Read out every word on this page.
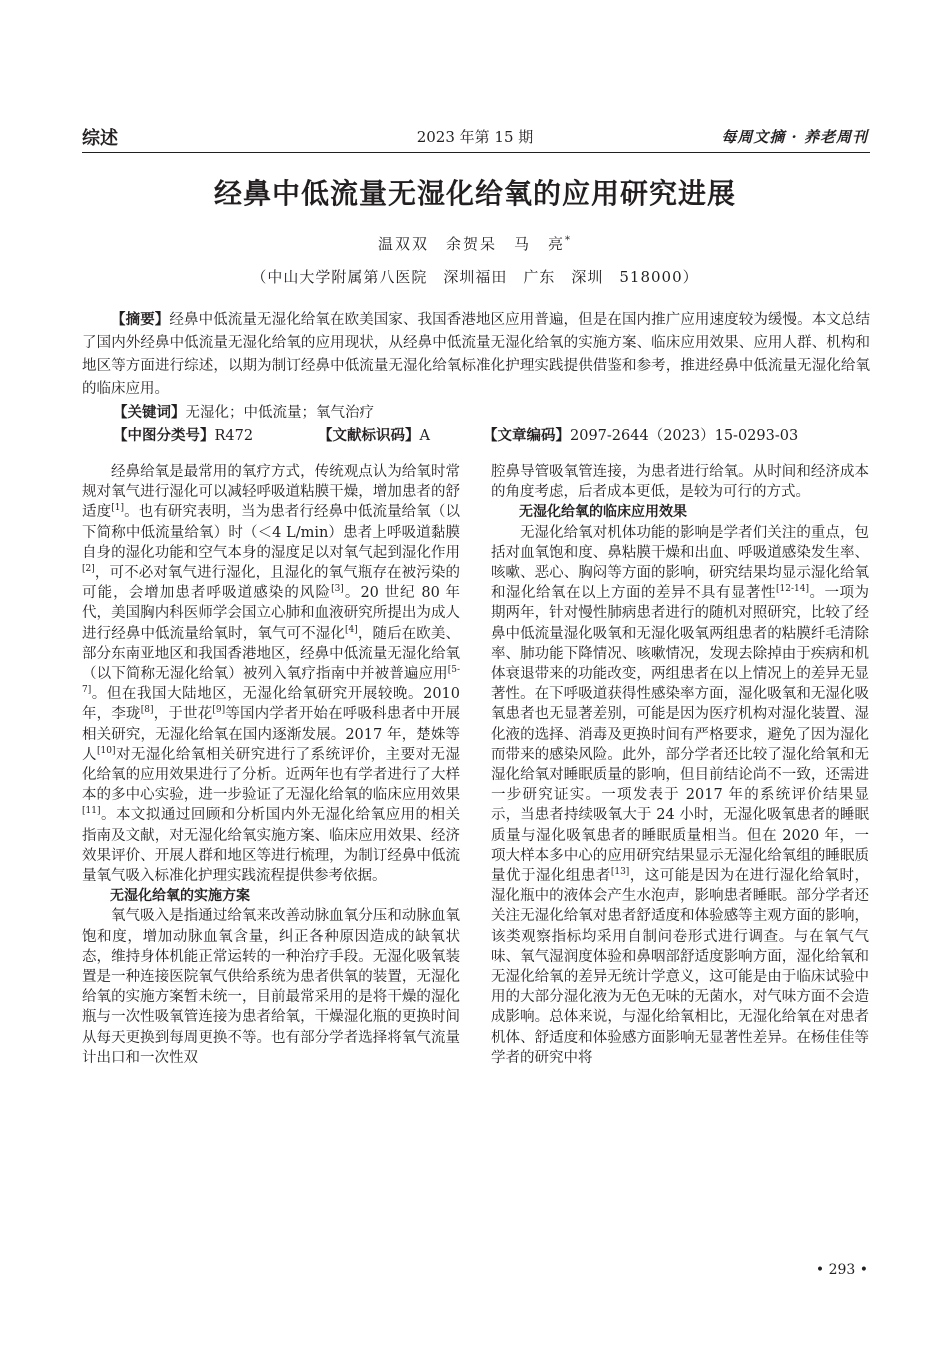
综述	2023 年第 15 期	每周文摘 · 养老周刊
经鼻中低流量无湿化给氧的应用研究进展
温双双　余贺呆　马　亮*
（中山大学附属第八医院　深圳福田　广东　深圳　518000）
【摘要】经鼻中低流量无湿化给氧在欧美国家、我国香港地区应用普遍，但是在国内推广应用速度较为缓慢。本文总结了国内外经鼻中低流量无湿化给氧的应用现状，从经鼻中低流量无湿化给氧的实施方案、临床应用效果、应用人群、机构和地区等方面进行综述，以期为制订经鼻中低流量无湿化给氧标准化护理实践提供借鉴和参考，推进经鼻中低流量无湿化给氧的临床应用。
【关键词】无湿化；中低流量；氧气治疗
【中图分类号】R472	【文献标识码】A	【文章编码】2097-2644（2023）15-0293-03

经鼻给氧是最常用的氧疗方式，传统观点认为给氧时常规对氧气进行湿化可以减轻呼吸道粘膜干燥，增加患者的舒适度[1]。也有研究表明，当为患者行经鼻中低流量给氧（以下简称中低流量给氧）时（＜4 L/min）患者上呼吸道黏膜自身的湿化功能和空气本身的湿度足以对氧气起到湿化作用[2]，可不必对氧气进行湿化，且湿化的氧气瓶存在被污染的可能，会增加患者呼吸道感染的风险[3]。20 世纪 80 年代，美国胸内科医师学会国立心肺和血液研究所提出为成人进行经鼻中低流量给氧时，氧气可不湿化[4]，随后在欧美、部分东南亚地区和我国香港地区，经鼻中低流量无湿化给氧（以下简称无湿化给氧）被列入氧疗指南中并被普遍应用[5-7]。但在我国大陆地区，无湿化给氧研究开展较晚。2010 年，李珑[8]，于世花[9]等国内学者开始在呼吸科患者中开展相关研究，无湿化给氧在国内逐渐发展。2017 年，楚姝等人[10]对无湿化给氧相关研究进行了系统评价，主要对无湿化给氧的应用效果进行了分析。近两年也有学者进行了大样本的多中心实验，进一步验证了无湿化给氧的临床应用效果[11]。本文拟通过回顾和分析国内外无湿化给氧应用的相关指南及文献，对无湿化给氧实施方案、临床应用效果、经济效果评价、开展人群和地区等进行梳理，为制订经鼻中低流量氧气吸入标准化护理实践流程提供参考依据。

无湿化给氧的实施方案

氧气吸入是指通过给氧来改善动脉血氧分压和动脉血氧饱和度，增加动脉血氧含量，纠正各种原因造成的缺氧状态，维持身体机能正常运转的一种治疗手段。无湿化吸氧装置是一种连接医院氧气供给系统为患者供氧的装置，无湿化给氧的实施方案暂未统一，目前最常采用的是将干燥的湿化瓶与一次性吸氧管连接为患者给氧，干燥湿化瓶的更换时间从每天更换到每周更换不等。也有部分学者选择将氧气流量计出口和一次性双

腔鼻导管吸氧管连接，为患者进行给氧。从时间和经济成本的角度考虑，后者成本更低，是较为可行的方式。

无湿化给氧的临床应用效果

无湿化给氧对机体功能的影响是学者们关注的重点，包括对血氧饱和度、鼻粘膜干燥和出血、呼吸道感染发生率、咳嗽、恶心、胸闷等方面的影响，研究结果均显示湿化给氧和湿化给氧在以上方面的差异不具有显著性[12-14]。一项为期两年，针对慢性肺病患者进行的随机对照研究，比较了经鼻中低流量湿化吸氧和无湿化吸氧两组患者的粘膜纤毛清除率、肺功能下降情况、咳嗽情况，发现去除掉由于疾病和机体衰退带来的功能改变，两组患者在以上情况上的差异无显著性。在下呼吸道获得性感染率方面，湿化吸氧和无湿化吸氧患者也无显著差别，可能是因为医疗机构对湿化装置、湿化液的选择、消毒及更换时间有严格要求，避免了因为湿化而带来的感染风险。此外，部分学者还比较了湿化给氧和无湿化给氧对睡眠质量的影响，但目前结论尚不一致，还需进一步研究证实。一项发表于 2017 年的系统评价结果显示，当患者持续吸氧大于 24 小时，无湿化吸氧患者的睡眠质量与湿化吸氧患者的睡眠质量相当。但在 2020 年，一项大样本多中心的应用研究结果显示无湿化给氧组的睡眠质量优于湿化组患者[13]，这可能是因为在进行湿化给氧时，湿化瓶中的液体会产生水泡声，影响患者睡眠。部分学者还关注无湿化给氧对患者舒适度和体验感等主观方面的影响，该类观察指标均采用自制问卷形式进行调查。与在氧气气味、氧气湿润度体验和鼻咽部舒适度影响方面，湿化给氧和无湿化给氧的差异无统计学意义，这可能是由于临床试验中用的大部分湿化液为无色无味的无菌水，对气味方面不会造成影响。总体来说，与湿化给氧相比，无湿化给氧在对患者机体、舒适度和体验感方面影响无显著性差异。在杨佳佳等学者的研究中将

• 293 •
